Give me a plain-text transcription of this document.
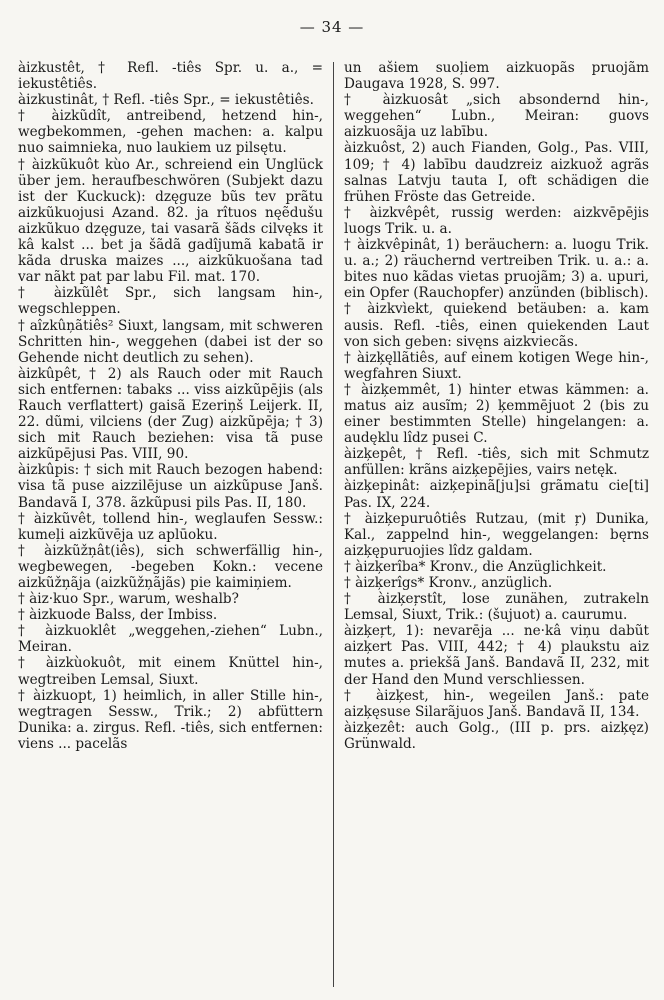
— 34 —

àizkustêt, † Refl. -tiês Spr. u. a., = iekustêtiês.

àizkustinât, † Refl. -tiês Spr., = iekustêtiês.

† àizkũdît, antreibend, hetzend hin-, wegbekommen, -gehen machen: a. kalpu nuo saimnieka, nuo laukiem uz pilsętu.

† àizkũkuôt kùo Ar., schreiend ein Unglück über jem. heraufbeschwören (Subjekt dazu ist der Kuckuck): dzęguze bũs tev prãtu aizkũkuojusi Azand. 82. ja rîtuos nęẽdušu aizkũkuo dzęguze, tai vasarã šãds cilvęks it kâ kalst ... bet ja šãdã gadîjumã kabatã ir kãda druska maizes ..., aizkũkuošana tad var nãkt pat par labu Fil. mat. 170.

† àizkũlêt Spr., sich langsam hin-, wegschleppen.

† aîzkûņãtiês² Siuxt, langsam, mit schweren Schritten hin-, weggehen (dabei ist der so Gehende nicht deutlich zu sehen).

àizkûpêt, † 2) als Rauch oder mit Rauch sich entfernen: tabaks ... viss aizkũpējis (als Rauch verflattert) gaisã Ezeriņš Leijerk. II, 22. dũmi, vilciens (der Zug) aizkũpēja; † 3) sich mit Rauch beziehen: visa tã puse aizkũpējusi Pas. VIII, 90.

àizkûpis: † sich mit Rauch bezogen habend: visa tã puse aizzilējuse un aizkũpuse Janš. Bandavã I, 378. ãzkũpusi pils Pas. II, 180.

† àizkũvêt, tollend hin-, weglaufen Sessw.: kumeļi aizkũvēja uz aplūoku.

† àizkũžņât(iês), sich schwerfällig hin-, wegbewegen, -begeben Kokn.: vecene aizkũžņãja (aizkũžņãjãs) pie kaimiņiem.

† àiz·kuo Spr., warum, weshalb?

† àizkuode Balss, der Imbiss.

† àizkuoklêt „weggehen,-ziehen“ Lubn., Meiran.

† àizkùokuôt, mit einem Knüttel hin-, wegtreiben Lemsal, Siuxt.

† àizkuopt, 1) heimlich, in aller Stille hin-, wegtragen Sessw., Trik.; 2) abfüttern Dunika: a. zirgus. Refl. -tiês, sich entfernen: viens ... pacelãs

un ašiem suoļiem aizkuopãs pruojãm Daugava 1928, S. 997.

† àizkuosât „sich absondernd hin-, weggehen“ Lubn., Meiran: guovs aizkuosãja uz labību.

àizkuôst, 2) auch Fianden, Golg., Pas. VIII, 109; † 4) labību daudzreiz aizkuož agrãs salnas Latvju tauta I, oft schädigen die frühen Fröste das Getreide.

† àizkvêpêt, russig werden: aizkvēpējis luogs Trik. u. a.

† àizkvêpinât, 1) beräuchern: a. luogu Trik. u. a.; 2) räuchernd vertreiben Trik. u. a.: a. bites nuo kãdas vietas pruojãm; 3) a. upuri, ein Opfer (Rauchopfer) anzünden (biblisch).

† àizkvìekt, quiekend betäuben: a. kam ausis. Refl. -tiês, einen quiekenden Laut von sich geben: sivęns aizkviecãs.

† àizķęllãtiês, auf einem kotigen Wege hin-, wegfahren Siuxt.

† àizķemmêt, 1) hinter etwas kämmen: a. matus aiz ausĩm; 2) ķemmējuot 2 (bis zu einer bestimmten Stelle) hingelangen: a. audęklu lîdz pusei C.

àizķepêt, † Refl. -tiês, sich mit Schmutz anfüllen: krãns aizķepējies, vairs netęk.

àizķepinât: aizķepinã[ju]si grãmatu cie[ti] Pas. IX, 224.

† àizķepuruôtiês Rutzau, (mit ŗ) Dunika, Kal., zappelnd hin-, weggelangen: bęrns aizķępuruojies lîdz galdam.

† àizķerîba* Kronv., die Anzüglichkeit.

† àizķerîgs* Kronv., anzüglich.

† àizķeŗstît, lose zunähen, zutrakeln Lemsal, Siuxt, Trik.: (šujuot) a. caurumu.

àizķeŗt, 1): nevarēja ... ne·kâ viņu dabũt aizķert Pas. VIII, 442; † 4) plaukstu aiz mutes a. priekšã Janš. Bandavã II, 232, mit der Hand den Mund verschliessen.

† àizķest, hin-, wegeilen Janš.: pate aizķęsuse Silarãjuos Janš. Bandavã II, 134.

àizķezêt: auch Golg., (III p. prs. aizķęz) Grünwald.
